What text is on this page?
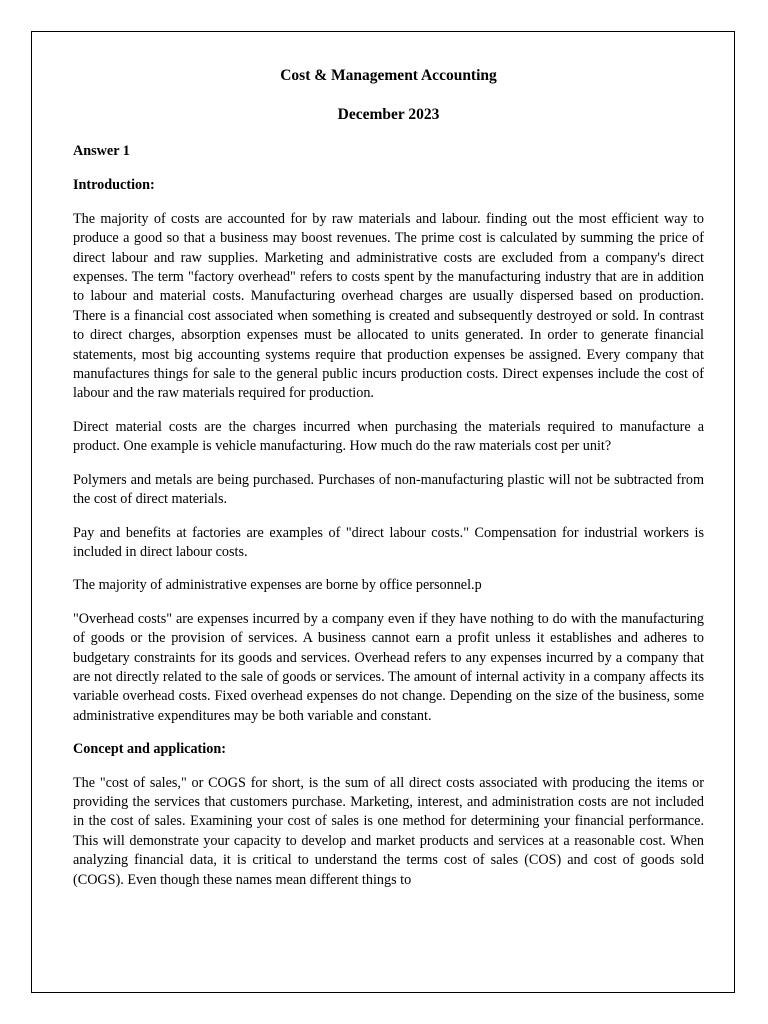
Cost & Management Accounting
December 2023

Answer 1

Introduction:

The majority of costs are accounted for by raw materials and labour. finding out the most efficient way to produce a good so that a business may boost revenues. The prime cost is calculated by summing the price of direct labour and raw supplies. Marketing and administrative costs are excluded from a company's direct expenses. The term "factory overhead" refers to costs spent by the manufacturing industry that are in addition to labour and material costs. Manufacturing overhead charges are usually dispersed based on production. There is a financial cost associated when something is created and subsequently destroyed or sold. In contrast to direct charges, absorption expenses must be allocated to units generated. In order to generate financial statements, most big accounting systems require that production expenses be assigned. Every company that manufactures things for sale to the general public incurs production costs. Direct expenses include the cost of labour and the raw materials required for production.

Direct material costs are the charges incurred when purchasing the materials required to manufacture a product. One example is vehicle manufacturing. How much do the raw materials cost per unit?

Polymers and metals are being purchased. Purchases of non-manufacturing plastic will not be subtracted from the cost of direct materials.

Pay and benefits at factories are examples of "direct labour costs." Compensation for industrial workers is included in direct labour costs.

The majority of administrative expenses are borne by office personnel.p

"Overhead costs" are expenses incurred by a company even if they have nothing to do with the manufacturing of goods or the provision of services. A business cannot earn a profit unless it establishes and adheres to budgetary constraints for its goods and services. Overhead refers to any expenses incurred by a company that are not directly related to the sale of goods or services. The amount of internal activity in a company affects its variable overhead costs. Fixed overhead expenses do not change. Depending on the size of the business, some administrative expenditures may be both variable and constant.

Concept and application:

The "cost of sales," or COGS for short, is the sum of all direct costs associated with producing the items or providing the services that customers purchase. Marketing, interest, and administration costs are not included in the cost of sales. Examining your cost of sales is one method for determining your financial performance. This will demonstrate your capacity to develop and market products and services at a reasonable cost. When analyzing financial data, it is critical to understand the terms cost of sales (COS) and cost of goods sold (COGS). Even though these names mean different things to
